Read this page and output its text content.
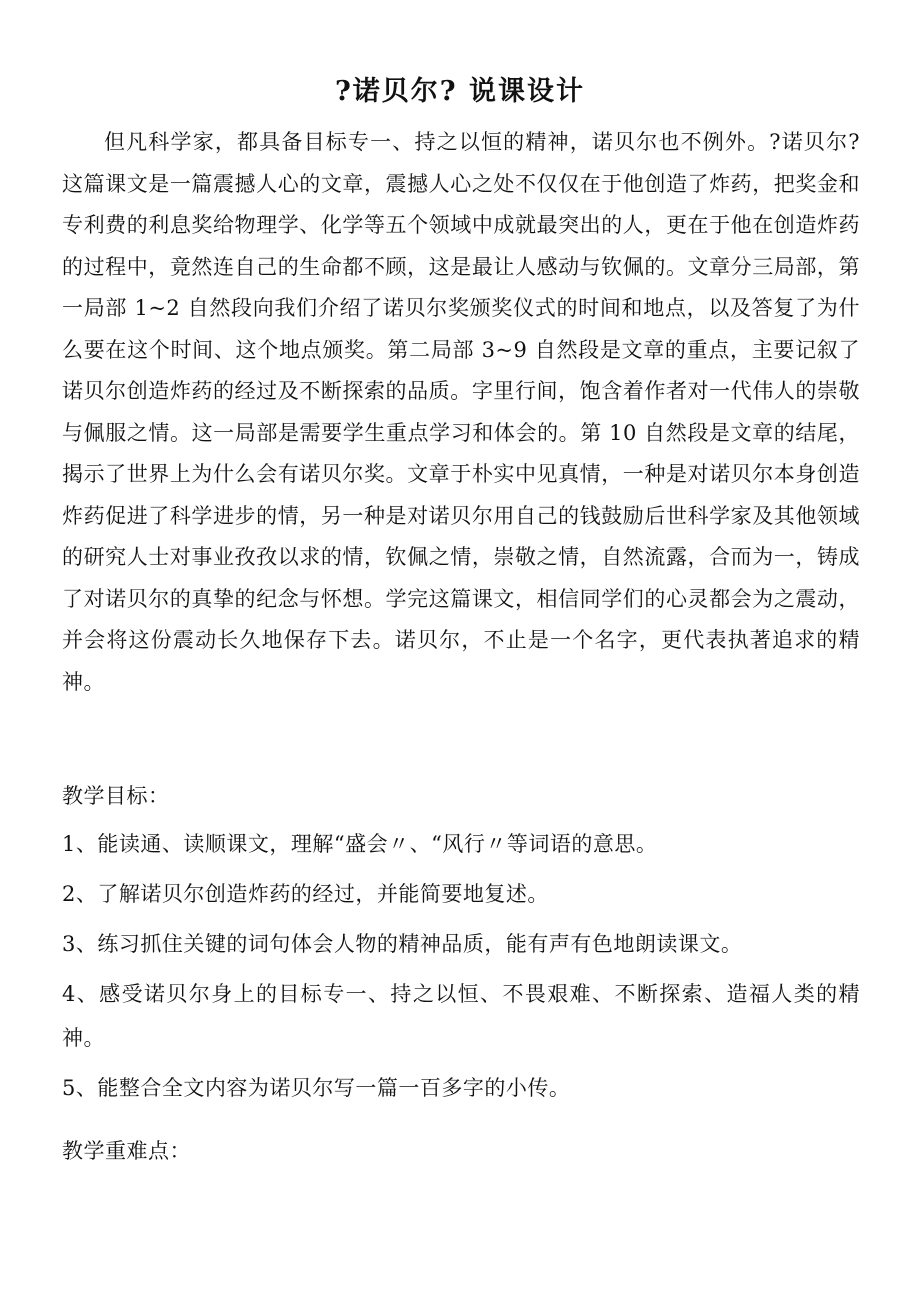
?诺贝尔? 说课设计

但凡科学家，都具备目标专一、持之以恒的精神，诺贝尔也不例外。?诺贝尔? 这篇课文是一篇震撼人心的文章，震撼人心之处不仅仅在于他创造了炸药，把奖金和专利费的利息奖给物理学、化学等五个领域中成就最突出的人，更在于他在创造炸药的过程中，竟然连自己的生命都不顾，这是最让人感动与钦佩的。文章分三局部，第一局部 1~2 自然段向我们介绍了诺贝尔奖颁奖仪式的时间和地点，以及答复了为什么要在这个时间、这个地点颁奖。第二局部 3~9 自然段是文章的重点，主要记叙了诺贝尔创造炸药的经过及不断探索的品质。字里行间，饱含着作者对一代伟人的崇敬与佩服之情。这一局部是需要学生重点学习和体会的。第 10 自然段是文章的结尾，揭示了世界上为什么会有诺贝尔奖。文章于朴实中见真情，一种是对诺贝尔本身创造炸药促进了科学进步的情，另一种是对诺贝尔用自己的钱鼓励后世科学家及其他领域的研究人士对事业孜孜以求的情，钦佩之情，崇敬之情，自然流露，合而为一，铸成了对诺贝尔的真挚的纪念与怀想。学完这篇课文，相信同学们的心灵都会为之震动，并会将这份震动长久地保存下去。诺贝尔，不止是一个名字，更代表执著追求的精神。

教学目标：

1、能读通、读顺课文，理解“盛会〃、“风行〃等词语的意思。
2、了解诺贝尔创造炸药的经过，并能简要地复述。
3、练习抓住关键的词句体会人物的精神品质，能有声有色地朗读课文。
4、感受诺贝尔身上的目标专一、持之以恒、不畏艰难、不断探索、造福人类的精神。
5、能整合全文内容为诺贝尔写一篇一百多字的小传。

教学重难点：
